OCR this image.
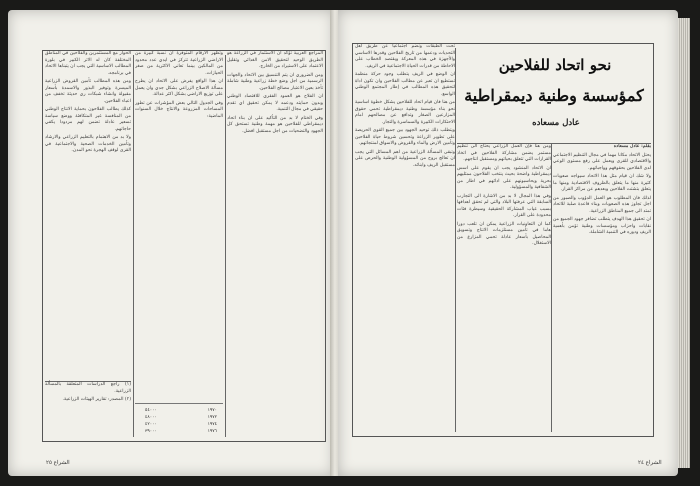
المراجع العربية تؤكد ان الاستثمار في الزراعة هو الطريق الوحيد لتحقيق الامن الغذائي وتقليل الاعتماد على الاستيراد من الخارج.

ومن الضروري ان يتم التنسيق بين الاتحاد والجهات الرسمية من اجل وضع خطة زراعية وطنية شاملة تأخذ بعين الاعتبار مصالح الفلاحين.

ان الفلاح هو العمود الفقري للاقتصاد الوطني وبدون حمايته ودعمه لا يمكن تحقيق اي تقدم حقيقي في مجال التنمية.

وفي الختام لا بد من التأكيد على ان بناء اتحاد ديمقراطي للفلاحين هو مهمة وطنية تستحق كل الجهود والتضحيات من اجل مستقبل افضل.

وتظهر الارقام المتوفرة ان نسبة كبيرة من الاراضي الزراعية تتركز في ايدي عدد محدود من المالكين بينما تعاني الاكثرية من صغر الحيازات.

ان هذا الواقع يفرض على الاتحاد ان يطرح مسألة الاصلاح الزراعي بشكل جدي وان يعمل على توزيع الاراضي بشكل اكثر عدالة.

وفي الجدول التالي بعض المؤشرات عن تطور المساحات المزروعة والانتاج خلال السنوات الماضية:

١٩٧٠
٥٤٠٠٠
١٩٧٢
٤٨٠٠٠
١٩٧٤
٤٢٠٠٠
١٩٧٦
٣٩٠٠٠

الحوار مع المستثمرين والفلاحين في المناطق المختلفة كان له الاثر الكبير في بلورة المطالب الاساسية التي يجب ان يتبناها الاتحاد في برنامجه.

ومن هذه المطالب تأمين القروض الزراعية الميسرة وتوفير البذور والاسمدة بأسعار مقبولة وانشاء شبكات ري حديثة تخفف من اعباء الفلاحين.

كذلك يطالب الفلاحون بحماية الانتاج الوطني من المنافسة غير المتكافئة ووضع سياسة تسعير عادلة تضمن لهم مردودا يكفي حاجاتهم.

ولا بد من الاهتمام بالتعليم الزراعي والارشاد وتأمين الخدمات الصحية والاجتماعية في القرى لوقف الهجرة نحو المدن.

(١) راجع الدراسات المتعلقة بالمسألة الزراعية.

(٢) المصدر: تقارير الهيئات الزراعية.

الشراع ٢٥
نحو اتحاد للفلاحين
كمؤسسة وطنية ديمقراطية
عادل مسعاده

بقلم: عادل مسعاده

يحتل الاتحاد مكانا مهما في مجال التنظيم الاجتماعي والاقتصادي للقرى ويعمل على رفع مستوى الوعي لدى الفلاحين بحقوقهم وواجباتهم.

ولا شك ان قيام مثل هذا الاتحاد سيواجه صعوبات كثيرة منها ما يتعلق بالظروف الاقتصادية ومنها ما يتعلق بتشتت الفلاحين وبعدهم عن مراكز القرار.

لذلك فان المطلوب هو العمل الدؤوب والصبور من اجل تجاوز هذه الصعوبات وبناء قاعدة صلبة للاتحاد تمتد الى جميع المناطق الزراعية.

ان تحقيق هذا الهدف يتطلب تضافر جهود الجميع من نقابات واحزاب ومؤسسات وطنية تؤمن بأهمية الريف ودوره في التنمية الشاملة.

ومن هنا فإن العمل الزراعي يحتاج الى تنظيم مستمر يضمن مشاركة الفلاحين في اتخاذ القرارات التي تتعلق بحياتهم ومستقبل انتاجهم.

ان الاتحاد المنشود يجب ان يقوم على اسس ديمقراطية واضحة بحيث ينتخب الفلاحون ممثليهم بحرية ويحاسبونهم على ادائهم في اطار من الشفافية والمسؤولية.

وفي هذا المجال لا بد من الاشارة الى التجارب السابقة التي عرفتها البلاد والتي لم تحقق اهدافها بسبب غياب المشاركة الحقيقية وسيطرة فئات محدودة على القرار.

كما ان التعاونيات الزراعية يمكن ان تلعب دورا هاما في تأمين مستلزمات الانتاج وتسويق المحاصيل بأسعار عادلة تحمي المزارع من الاستغلال.

تحت الطبقات ونضم اجتماعيا عن طريق أهل التحديات ودعمها من تاريخ الفلاحين وقدرها الاساسي والأجهزة في هذه المعركة ويقتصد الخطاب على الاحاطة من قدرات الحياة الاجتماعية في الريف.

ان الوضع في الريف يتطلب وجود حركة منظمة تستطيع ان تعبر عن مطالب الفلاحين وان تكون اداة لتحقيق هذه المطالب في إطار المجتمع الوطني الواسع.

من هنا فان قيام اتحاد للفلاحين يشكل خطوة اساسية نحو بناء مؤسسة وطنية ديمقراطية تحمي حقوق المزارعين الصغار وتدافع عن مصالحهم امام الاحتكارات الكبيرة والسماسرة والتجار.

ويتطلب ذلك توحيد الجهود بين جميع القوى الحريصة على تطوير الزراعة وتحسين شروط حياة الفلاحين وتأمين الارض والماء والقروض والاسواق لمنتجاتهم.

وتبقى المسألة الزراعية من اهم المسائل التي يجب ان تعالج بروح من المسؤولية الوطنية والحرص على مستقبل الريف وابنائه.

الشراع ٢٤
